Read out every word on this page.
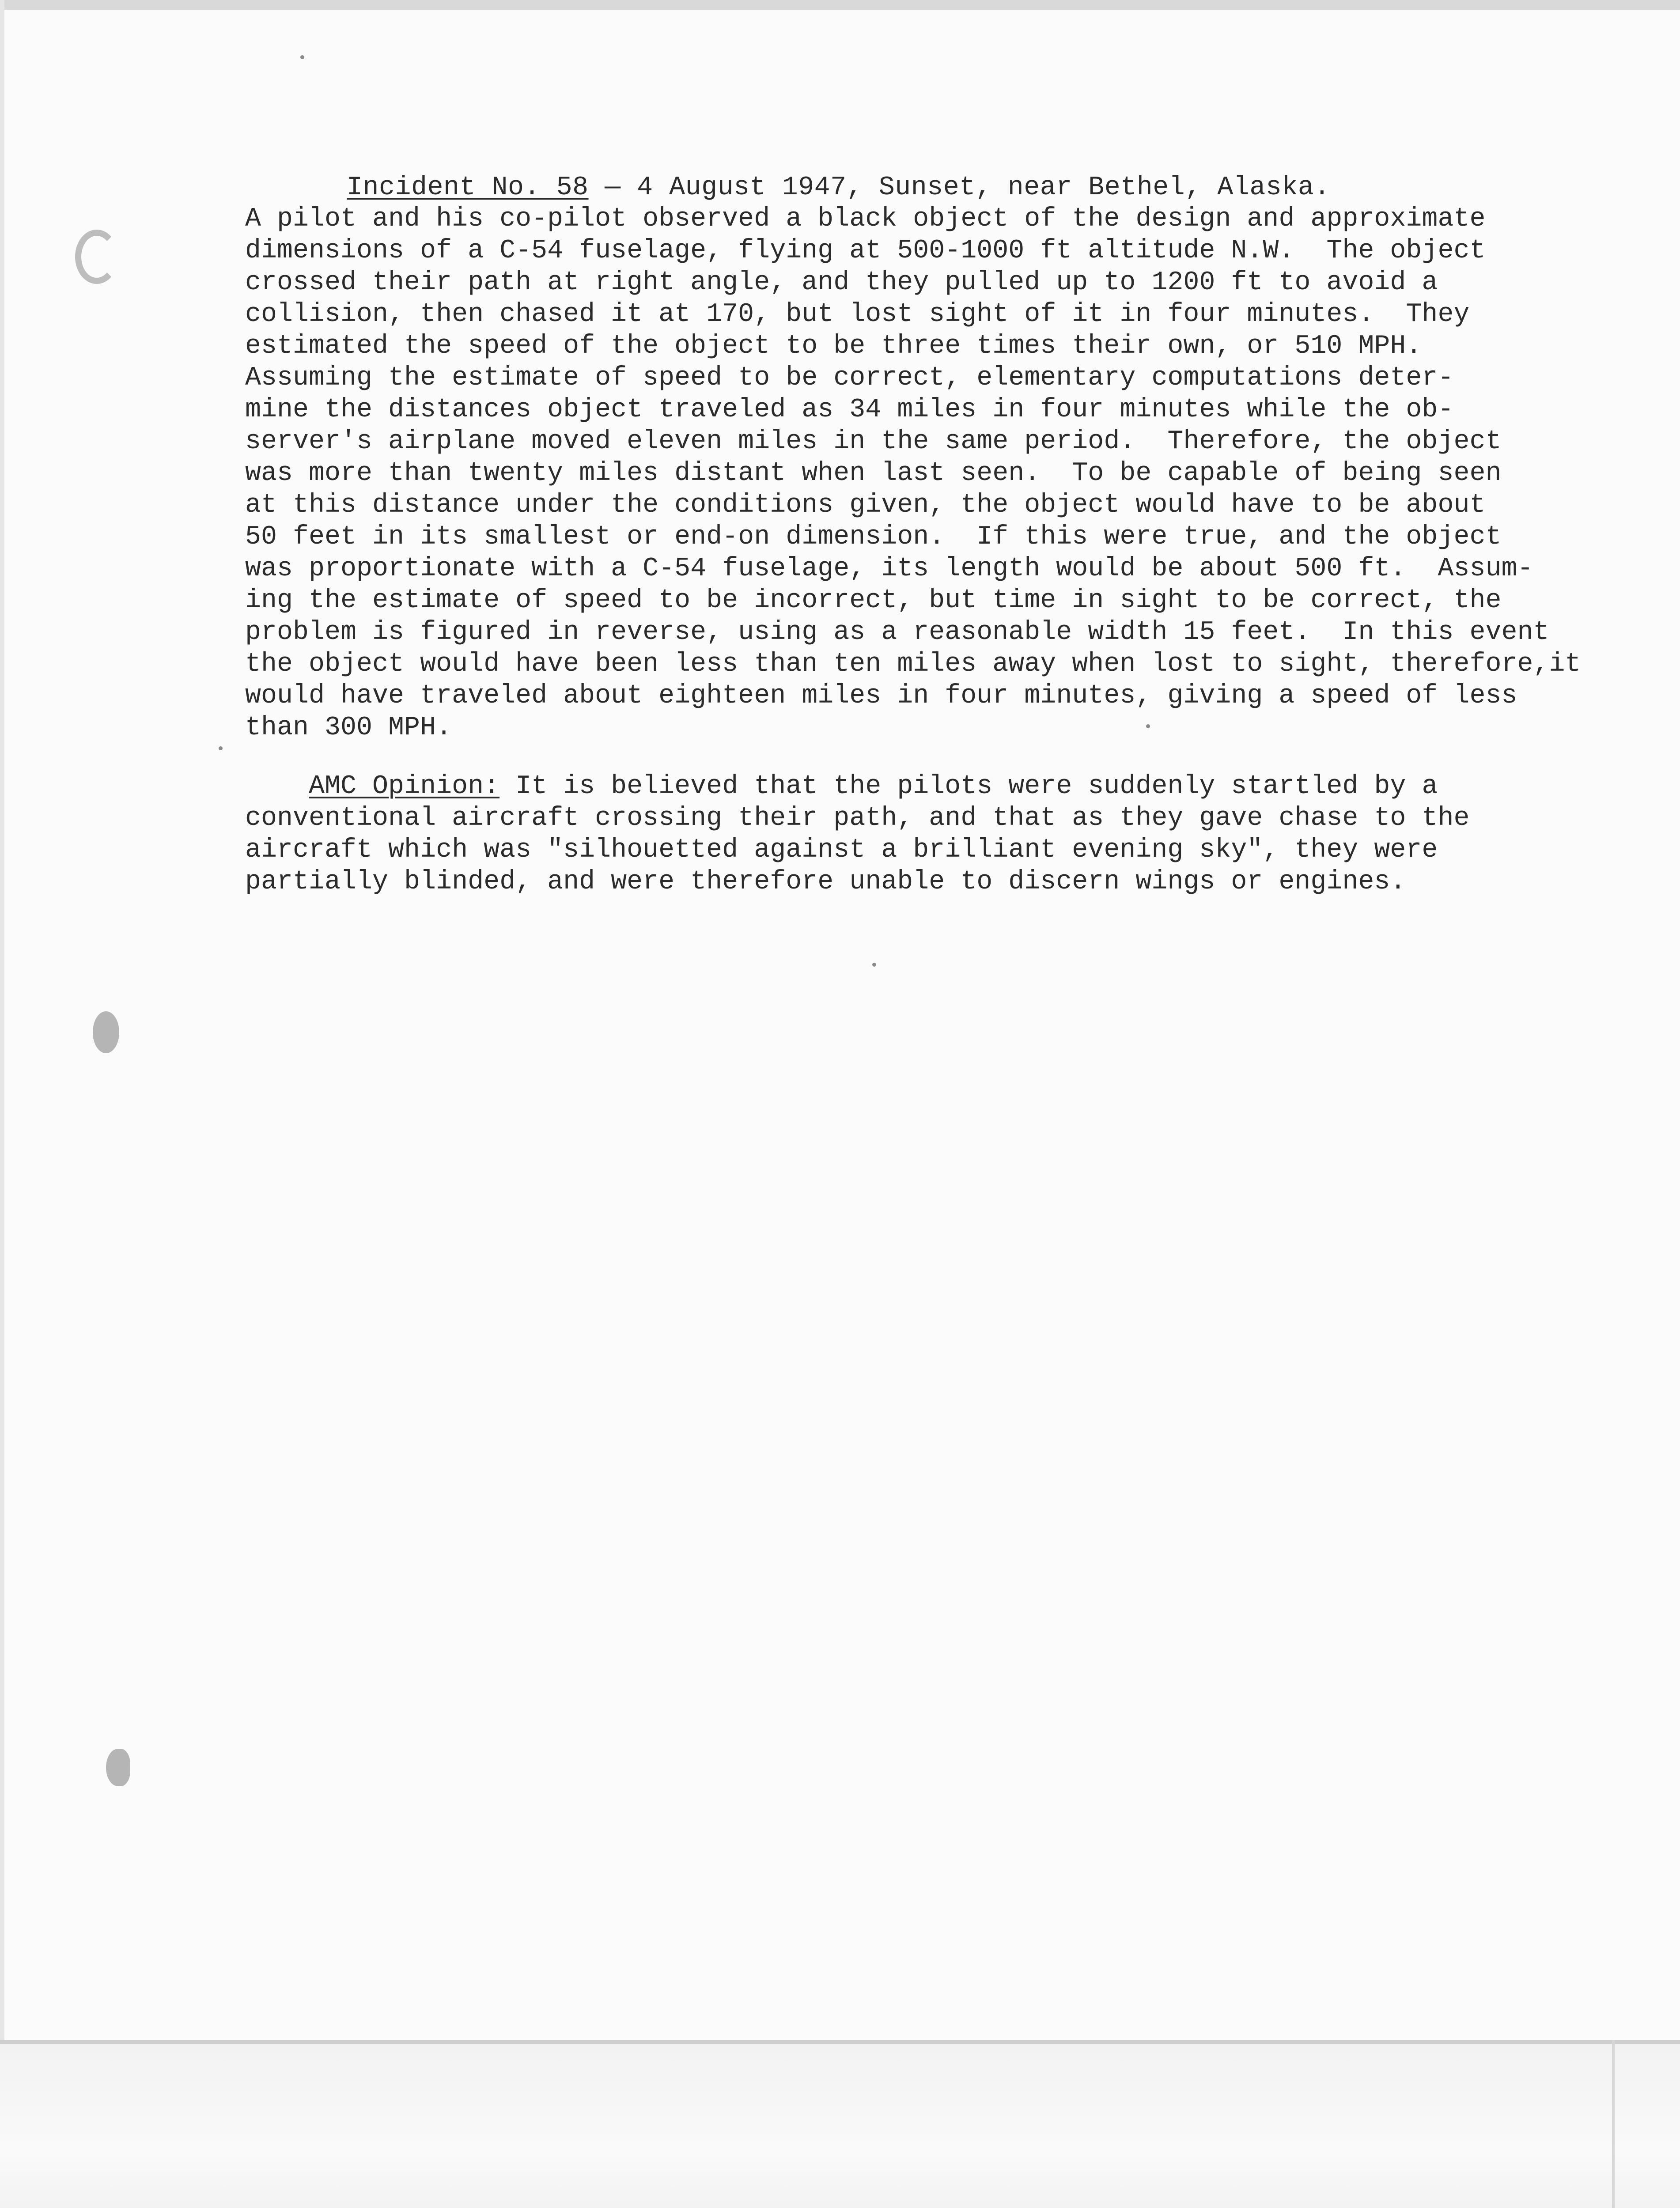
Incident No. 58 — 4 August 1947, Sunset, near Bethel, Alaska.
A pilot and his co-pilot observed a black object of the design and approximate
dimensions of a C-54 fuselage, flying at 500-1000 ft altitude N.W.  The object
crossed their path at right angle, and they pulled up to 1200 ft to avoid a
collision, then chased it at 170, but lost sight of it in four minutes.  They
estimated the speed of the object to be three times their own, or 510 MPH.
Assuming the estimate of speed to be correct, elementary computations deter-
mine the distances object traveled as 34 miles in four minutes while the ob-
server's airplane moved eleven miles in the same period.  Therefore, the object
was more than twenty miles distant when last seen.  To be capable of being seen
at this distance under the conditions given, the object would have to be about
50 feet in its smallest or end-on dimension.  If this were true, and the object
was proportionate with a C-54 fuselage, its length would be about 500 ft.  Assum-
ing the estimate of speed to be incorrect, but time in sight to be correct, the
problem is figured in reverse, using as a reasonable width 15 feet.  In this event
the object would have been less than ten miles away when lost to sight, therefore,it
would have traveled about eighteen miles in four minutes, giving a speed of less
than 300 MPH.
AMC Opinion: It is believed that the pilots were suddenly startled by a
conventional aircraft crossing their path, and that as they gave chase to the
aircraft which was "silhouetted against a brilliant evening sky", they were
partially blinded, and were therefore unable to discern wings or engines.
